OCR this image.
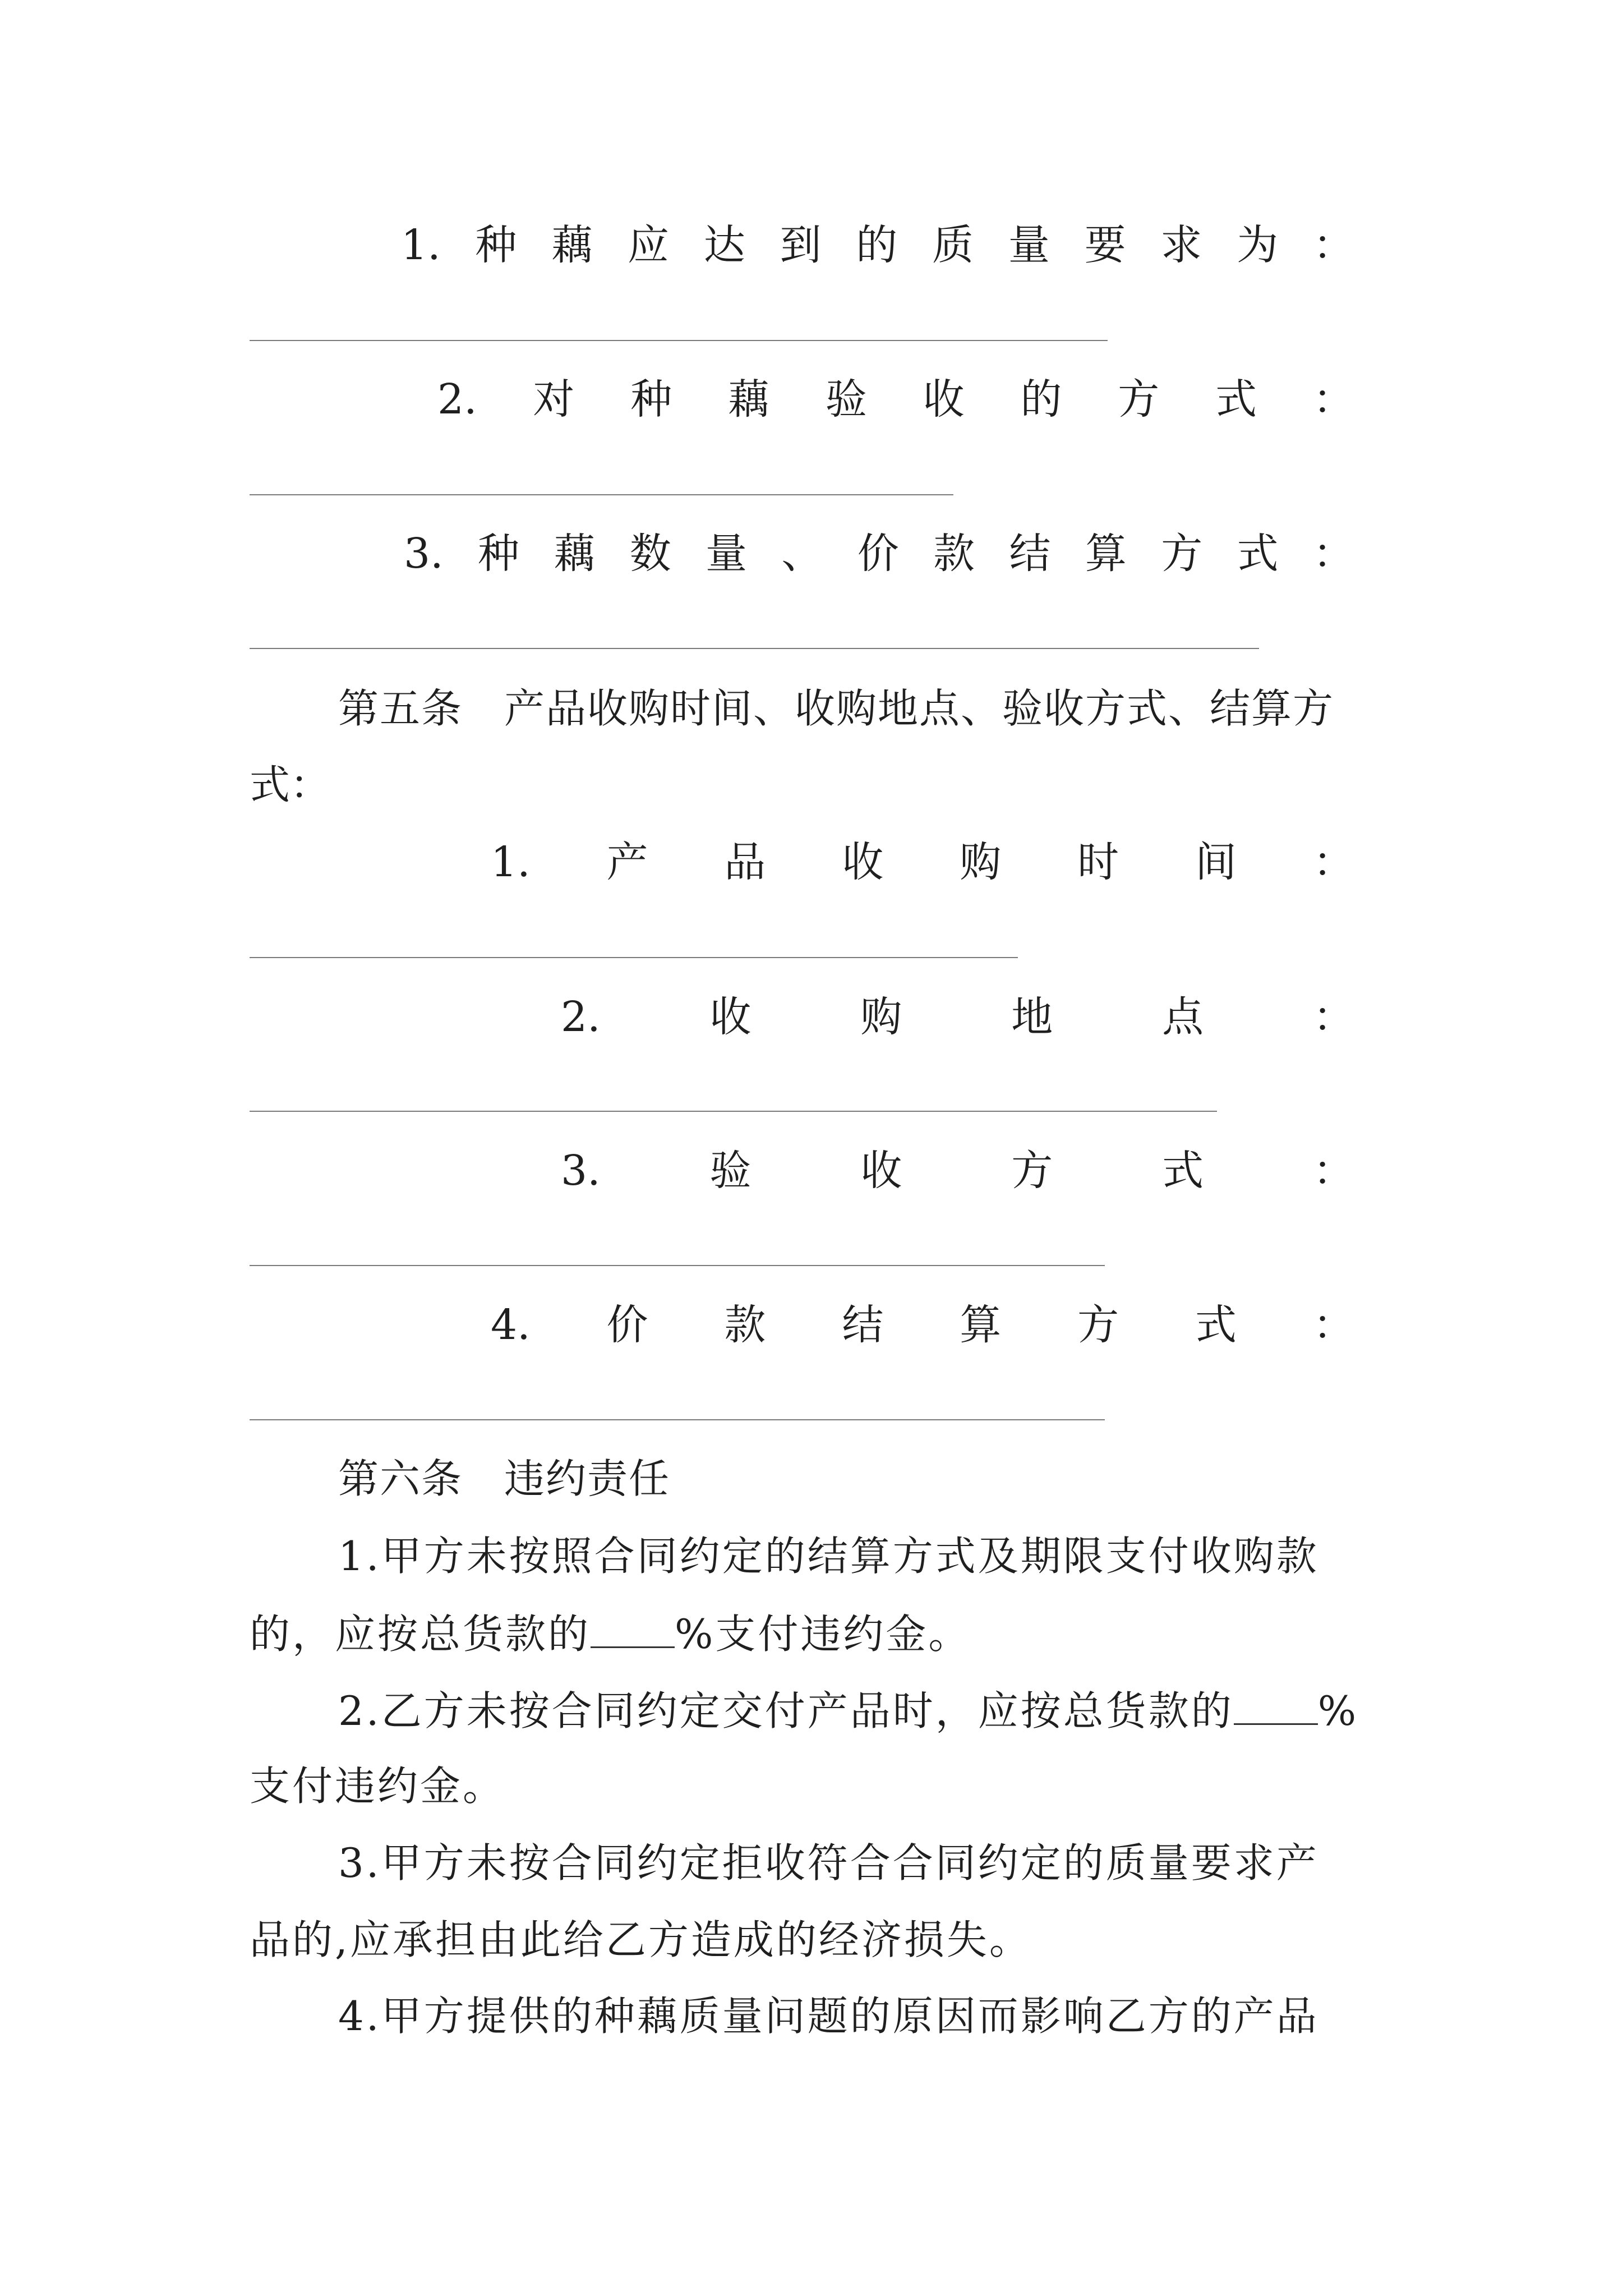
1. 种 藕 应 达 到 的 质 量 要 求 为 ：
2. 对 种 藕 验 收 的 方 式 ：
3. 种 藕 数 量 、 价 款 结 算 方 式 ：
第五条　产品收购时间、收购地点、验收方式、结算方
式：
1. 产 品 收 购 时 间 ：
2.	收	购	地	点	：
3.	验	收	方	式	：
4. 价 款 结 算 方 式 ：
第六条　违约责任
1.甲方未按照合同约定的结算方式及期限支付收购款
的，应按总货款的 %支付违约金。
2.乙方未按合同约定交付产品时，应按总货款的 %
支付违约金。
3.甲方未按合同约定拒收符合合同约定的质量要求产
品的,应承担由此给乙方造成的经济损失。
4.甲方提供的种藕质量问题的原因而影响乙方的产品
